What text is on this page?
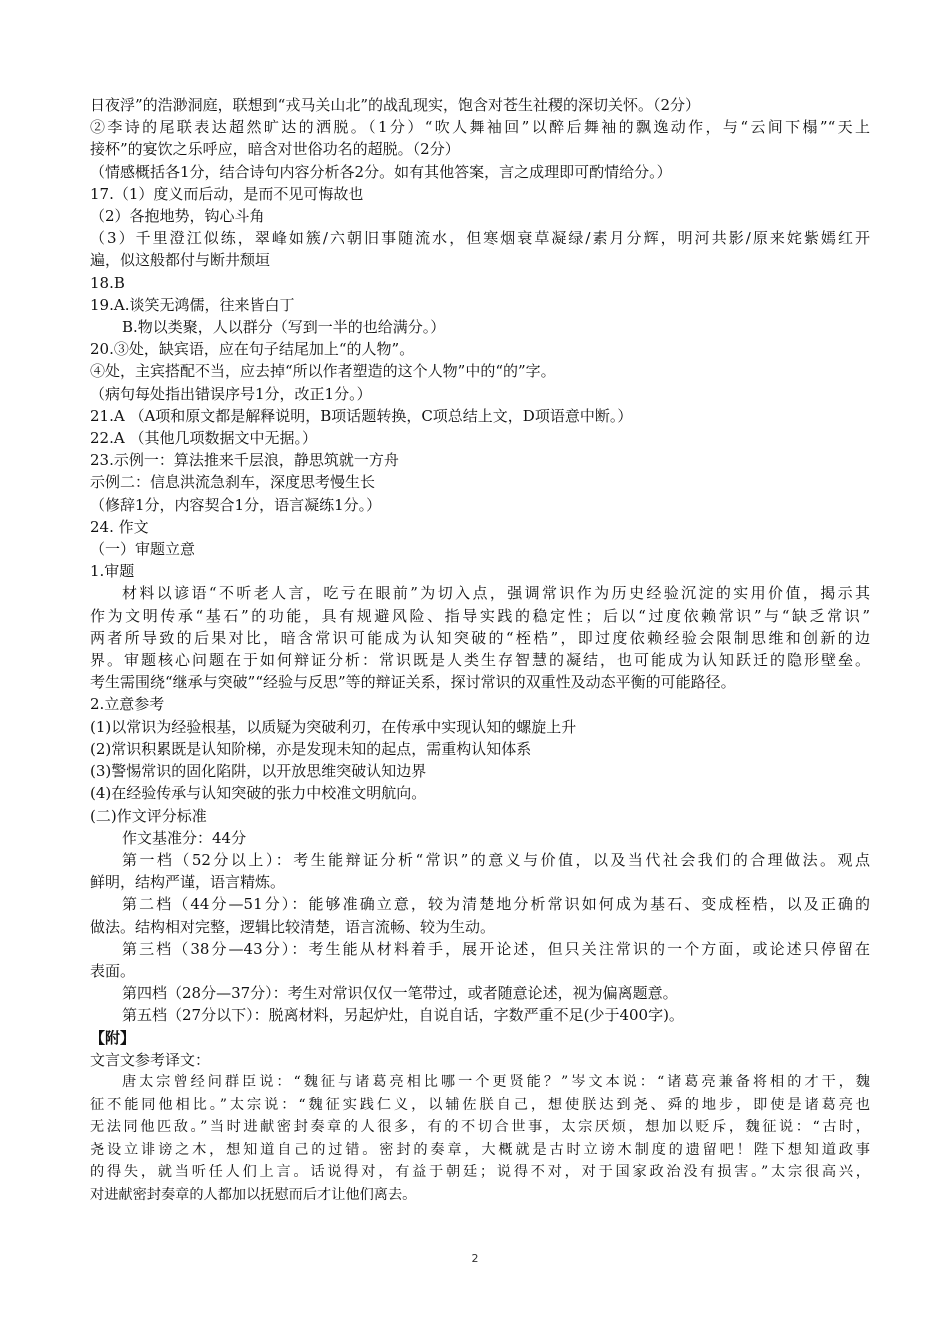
日夜浮”的浩渺洞庭，联想到“戎马关山北”的战乱现实，饱含对苍生社稷的深切关怀。（2分）
②李诗的尾联表达超然旷达的洒脱。（1分）“吹人舞袖回”以醉后舞袖的飘逸动作，与“云间下榻”“天上
接杯”的宴饮之乐呼应，暗含对世俗功名的超脱。（2分）
（情感概括各1分，结合诗句内容分析各2分。如有其他答案，言之成理即可酌情给分。）
17.（1）度义而后动，是而不见可悔故也
（2）各抱地势，钩心斗角
（3）千里澄江似练，翠峰如簇/六朝旧事随流水，但寒烟衰草凝绿/素月分辉，明河共影/原来姹紫嫣红开
遍，似这般都付与断井颓垣
18.B
19.A.谈笑无鸿儒，往来皆白丁
B.物以类聚，人以群分（写到一半的也给满分。）
20.③处，缺宾语，应在句子结尾加上“的人物”。
④处，主宾搭配不当，应去掉“所以作者塑造的这个人物”中的“的”字。
（病句每处指出错误序号1分，改正1分。）
21.A （A项和原文都是解释说明，B项话题转换，C项总结上文，D项语意中断。）
22.A （其他几项数据文中无据。）
23.示例一：算法推来千层浪，静思筑就一方舟
示例二：信息洪流急刹车，深度思考慢生长
（修辞1分，内容契合1分，语言凝练1分。）
24. 作文
（一）审题立意
1.审题
材料以谚语“不听老人言，吃亏在眼前”为切入点，强调常识作为历史经验沉淀的实用价值，揭示其
作为文明传承“基石”的功能，具有规避风险、指导实践的稳定性；后以“过度依赖常识”与“缺乏常识”
两者所导致的后果对比，暗含常识可能成为认知突破的“桎梏”，即过度依赖经验会限制思维和创新的边
界。审题核心问题在于如何辩证分析：常识既是人类生存智慧的凝结，也可能成为认知跃迁的隐形壁垒。
考生需围绕“继承与突破”“经验与反思”等的辩证关系，探讨常识的双重性及动态平衡的可能路径。
2.立意参考
(1)以常识为经验根基，以质疑为突破利刃，在传承中实现认知的螺旋上升
(2)常识积累既是认知阶梯，亦是发现未知的起点，需重构认知体系
(3)警惕常识的固化陷阱，以开放思维突破认知边界
(4)在经验传承与认知突破的张力中校准文明航向。
(二)作文评分标准
作文基准分：44分
第一档（52分以上）：考生能辩证分析“常识”的意义与价值，以及当代社会我们的合理做法。观点
鲜明，结构严谨，语言精炼。
第二档（44分—51分）：能够准确立意，较为清楚地分析常识如何成为基石、变成桎梏，以及正确的
做法。结构相对完整，逻辑比较清楚，语言流畅、较为生动。
第三档（38分—43分）：考生能从材料着手，展开论述，但只关注常识的一个方面，或论述只停留在
表面。
第四档（28分—37分）：考生对常识仅仅一笔带过，或者随意论述，视为偏离题意。
第五档（27分以下）：脱离材料，另起炉灶，自说自话，字数严重不足(少于400字)。
【附】
文言文参考译文：
唐太宗曾经问群臣说：“魏征与诸葛亮相比哪一个更贤能？”岑文本说：“诸葛亮兼备将相的才干，魏
征不能同他相比。”太宗说：“魏征实践仁义，以辅佐朕自己，想使朕达到尧、舜的地步，即使是诸葛亮也
无法同他匹敌。”当时进献密封奏章的人很多，有的不切合世事，太宗厌烦，想加以贬斥，魏征说：“古时，
尧设立诽谤之木，想知道自己的过错。密封的奏章，大概就是古时立谤木制度的遗留吧！陛下想知道政事
的得失，就当听任人们上言。话说得对，有益于朝廷；说得不对，对于国家政治没有损害。”太宗很高兴，
对进献密封奏章的人都加以抚慰而后才让他们离去。
2
